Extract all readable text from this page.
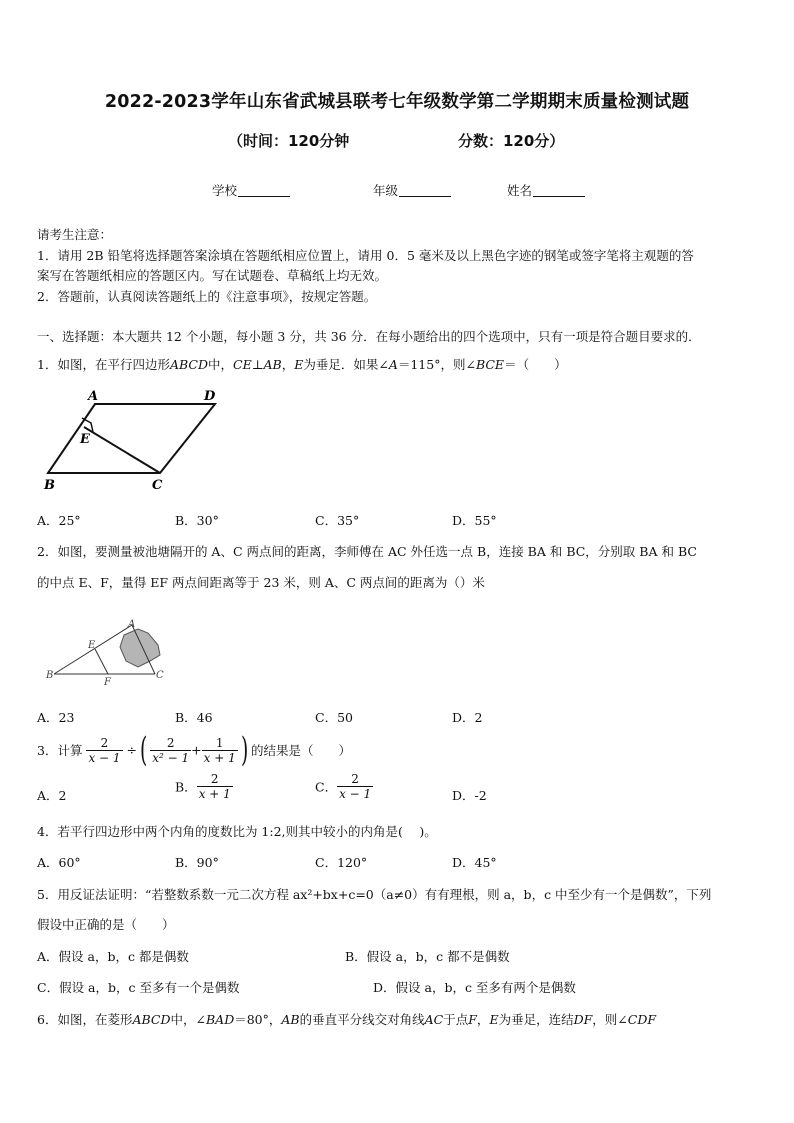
2022-2023学年山东省武城县联考七年级数学第二学期期末质量检测试题
（时间：120分钟	分数：120分）
学校	年级	姓名
请考生注意：
1．请用 2B 铅笔将选择题答案涂填在答题纸相应位置上，请用 0．5 毫米及以上黑色字迹的钢笔或签字笔将主观题的答
案写在答题纸相应的答题区内。写在试题卷、草稿纸上均无效。
2．答题前，认真阅读答题纸上的《注意事项》，按规定答题。
一、选择题：本大题共 12 个小题，每小题 3 分，共 36 分．在每小题给出的四个选项中，只有一项是符合题目要求的．
1．如图，在平行四边形ABCD中，CE⊥AB，E为垂足．如果∠A＝115°，则∠BCE＝（　　）
A	D
E
B	C
A．25°	B．30°	C．35°	D．55°
2．如图，要测量被池塘隔开的 A、C 两点间的距离，李师傅在 AC 外任选一点 B，连接 BA 和 BC，分别取 BA 和 BC
的中点 E、F，量得 EF 两点间距离等于 23 米，则 A、C 两点间的距离为（）米
A
E
B
F
C
A．23	B．46	C．50	D．2
3．计算 $\frac{2}{x - 1}$ ÷( $\frac{2}{\text{x² − 1}} + \frac{1}{x + 1}$ ) 的结果是（　　）
A．2
B． $\frac{2}{x + 1}$	C． $\frac{2}{x - 1}$	D．-2
4．若平行四边形中两个内角的度数比为 1:2,则其中较小的内角是(　 )。
A．60°	B．90°	C．120°	D．45°
5．用反证法证明：“若整数系数一元二次方程 ax²+bx+c=0（a≠0）有有理根，则 a，b，c 中至少有一个是偶数”，下列
假设中正确的是（　　）
A．假设 a，b，c 都是偶数	B．假设 a，b，c 都不是偶数
C．假设 a，b，c 至多有一个是偶数	D．假设 a，b，c 至多有两个是偶数
6．如图，在菱形ABCD中，∠BAD＝80°，AB的垂直平分线交对角线AC于点F，E为垂足，连结DF，则∠CDF
